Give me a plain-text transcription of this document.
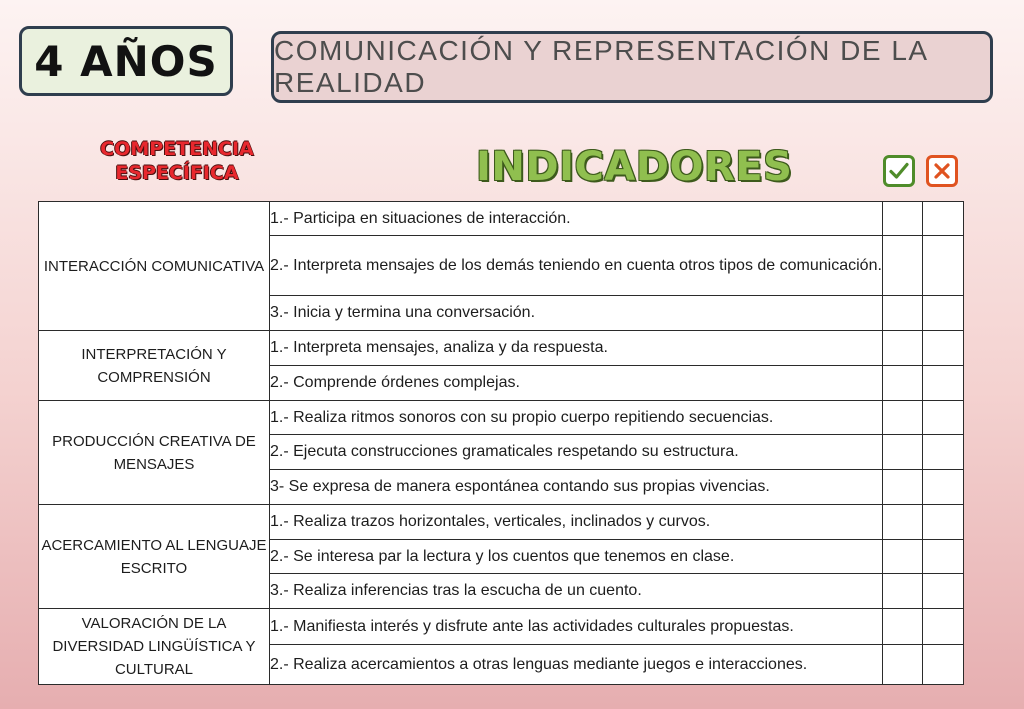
4 AÑOS	COMUNICACIÓN Y REPRESENTACIÓN DE LA REALIDAD
COMPETENCIA
ESPECÍFICA	INDICADORES
INTERACCIÓN COMUNICATIVA	1.- Participa en situaciones de interacción.		
	2.- Interpreta mensajes de los demás teniendo en cuenta otros tipos de comunicación.		
	3.- Inicia y termina una conversación.		
INTERPRETACIÓN Y COMPRENSIÓN	1.- Interpreta mensajes, analiza y da respuesta.		
	2.- Comprende órdenes complejas.		
PRODUCCIÓN CREATIVA DE MENSAJES	1.- Realiza ritmos sonoros con su propio cuerpo repitiendo secuencias.		
	2.- Ejecuta construcciones gramaticales respetando su estructura.		
	3- Se expresa de manera espontánea contando sus propias vivencias.		
ACERCAMIENTO AL LENGUAJE ESCRITO	1.- Realiza trazos horizontales, verticales, inclinados y curvos.		
	2.- Se interesa par la lectura y los cuentos que tenemos en clase.		
	3.- Realiza inferencias tras la escucha de un cuento.		
VALORACIÓN DE LA DIVERSIDAD LINGÜÍSTICA Y CULTURAL	1.- Manifiesta interés y disfrute ante las actividades culturales propuestas.		
	2.- Realiza acercamientos a otras lenguas mediante juegos e interacciones.		
